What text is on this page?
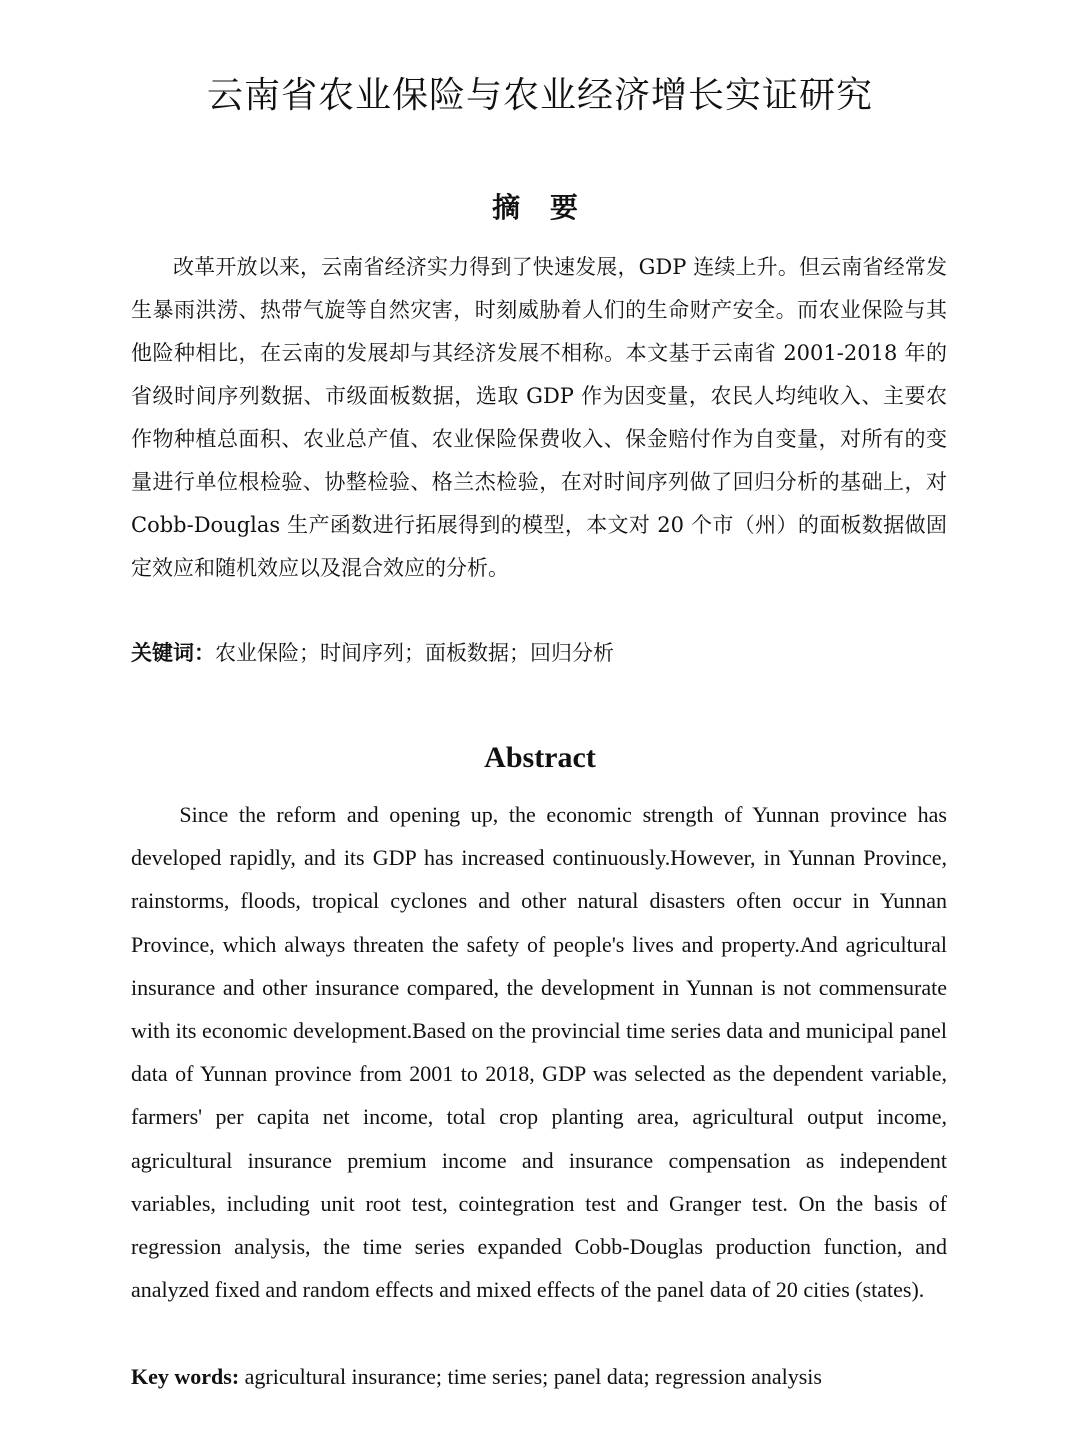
云南省农业保险与农业经济增长实证研究
摘 要

改革开放以来，云南省经济实力得到了快速发展，GDP 连续上升。但云南省经常发生暴雨洪涝、热带气旋等自然灾害，时刻威胁着人们的生命财产安全。而农业保险与其他险种相比，在云南的发展却与其经济发展不相称。本文基于云南省 2001-2018 年的省级时间序列数据、市级面板数据，选取 GDP 作为因变量，农民人均纯收入、主要农作物种植总面积、农业总产值、农业保险保费收入、保金赔付作为自变量，对所有的变量进行单位根检验、协整检验、格兰杰检验，在对时间序列做了回归分析的基础上，对 Cobb-Douglas 生产函数进行拓展得到的模型，本文对 20 个市（州）的面板数据做固定效应和随机效应以及混合效应的分析。

关键词：农业保险；时间序列；面板数据；回归分析

Abstract

Since the reform and opening up, the economic strength of Yunnan province has developed rapidly, and its GDP has increased continuously.However, in Yunnan Province, rainstorms, floods, tropical cyclones and other natural disasters often occur in Yunnan Province, which always threaten the safety of people's lives and property.And agricultural insurance and other insurance compared, the development in Yunnan is not commensurate with its economic development.Based on the provincial time series data and municipal panel data of Yunnan province from 2001 to 2018, GDP was selected as the dependent variable, farmers' per capita net income, total crop planting area, agricultural output income, agricultural insurance premium income and insurance compensation as independent variables, including unit root test, cointegration test and Granger test. On the basis of regression analysis, the time series expanded Cobb-Douglas production function, and analyzed fixed and random effects and mixed effects of the panel data of 20 cities (states).

Key words: agricultural insurance; time series; panel data; regression analysis
